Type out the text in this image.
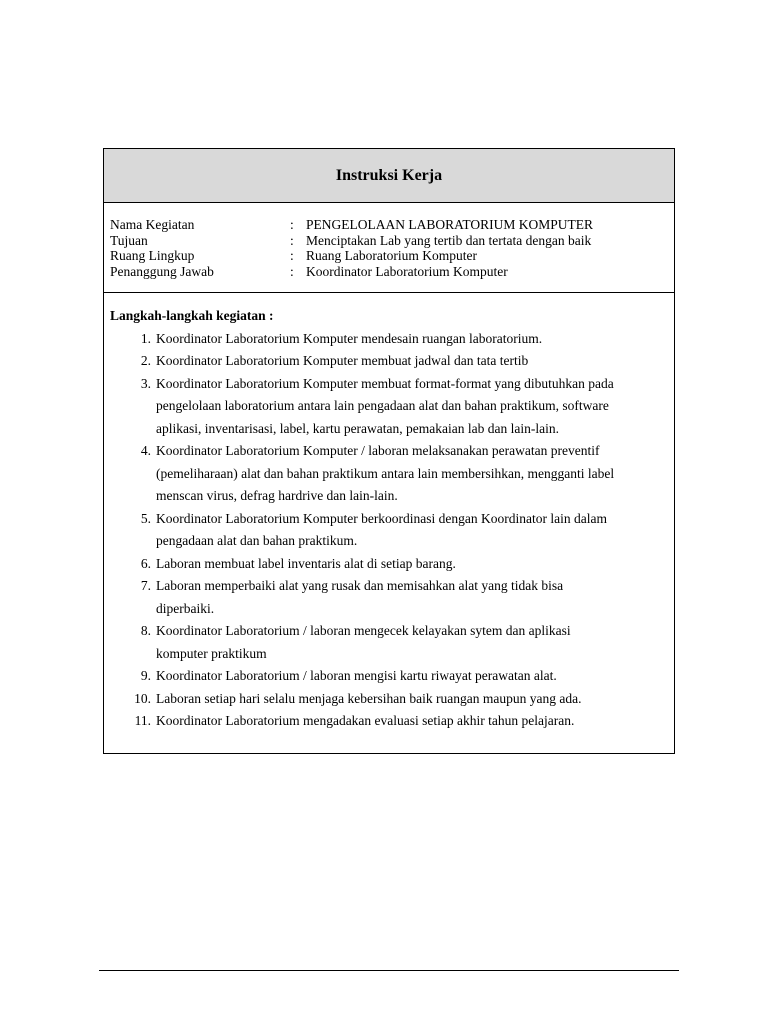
Instruksi Kerja
Nama Kegiatan	: PENGELOLAAN LABORATORIUM KOMPUTER
Tujuan	: Menciptakan Lab yang tertib dan tertata dengan baik
Ruang Lingkup	: Ruang Laboratorium Komputer
Penanggung Jawab	: Koordinator Laboratorium Komputer
Langkah-langkah kegiatan :
1. Koordinator Laboratorium Komputer mendesain ruangan laboratorium.
2. Koordinator Laboratorium Komputer membuat jadwal dan tata tertib
3. Koordinator Laboratorium Komputer membuat format-format yang dibutuhkan pada
pengelolaan laboratorium antara lain pengadaan alat dan bahan praktikum, software
aplikasi, inventarisasi, label, kartu perawatan, pemakaian lab dan lain-lain.
4. Koordinator Laboratorium Komputer / laboran melaksanakan perawatan preventif
(pemeliharaan) alat dan bahan praktikum antara lain membersihkan, mengganti label
menscan virus, defrag hardrive dan lain-lain.
5. Koordinator Laboratorium Komputer berkoordinasi dengan Koordinator lain dalam
pengadaan alat dan bahan praktikum.
6. Laboran membuat label inventaris alat di setiap barang.
7. Laboran memperbaiki alat yang rusak dan memisahkan alat yang tidak bisa
diperbaiki.
8. Koordinator Laboratorium / laboran mengecek kelayakan sytem dan aplikasi
komputer praktikum
9. Koordinator Laboratorium / laboran mengisi kartu riwayat perawatan alat.
10. Laboran setiap hari selalu menjaga kebersihan baik ruangan maupun yang ada.
11. Koordinator Laboratorium mengadakan evaluasi setiap akhir tahun pelajaran.
